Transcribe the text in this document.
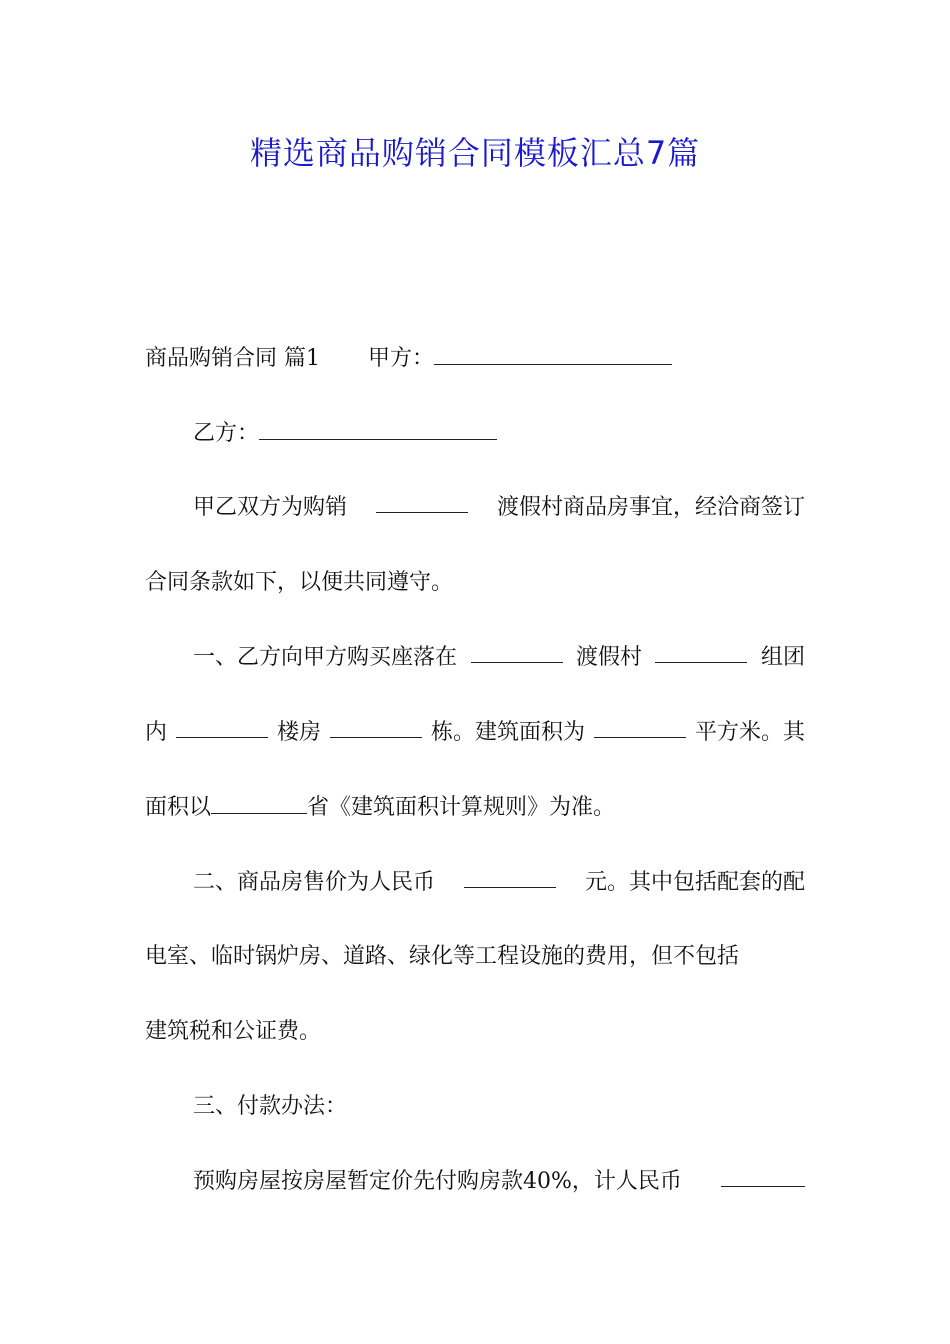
精选商品购销合同模板汇总7篇
商品购销合同 篇1 甲方：
乙方：
甲乙双方为购销	渡假村商品房事宜，经洽商签订
合同条款如下，以便共同遵守。
一、乙方向甲方购买座落在	渡假村	组团
内	楼房	栋。建筑面积为	平方米。其
面积以	省《建筑面积计算规则》为准。
二、商品房售价为人民币	元。其中包括配套的配
电室、临时锅炉房、道路、绿化等工程设施的费用，但不包括
建筑税和公证费。
三、付款办法：
预购房屋按房屋暂定价先付购房款40%，计人民币
